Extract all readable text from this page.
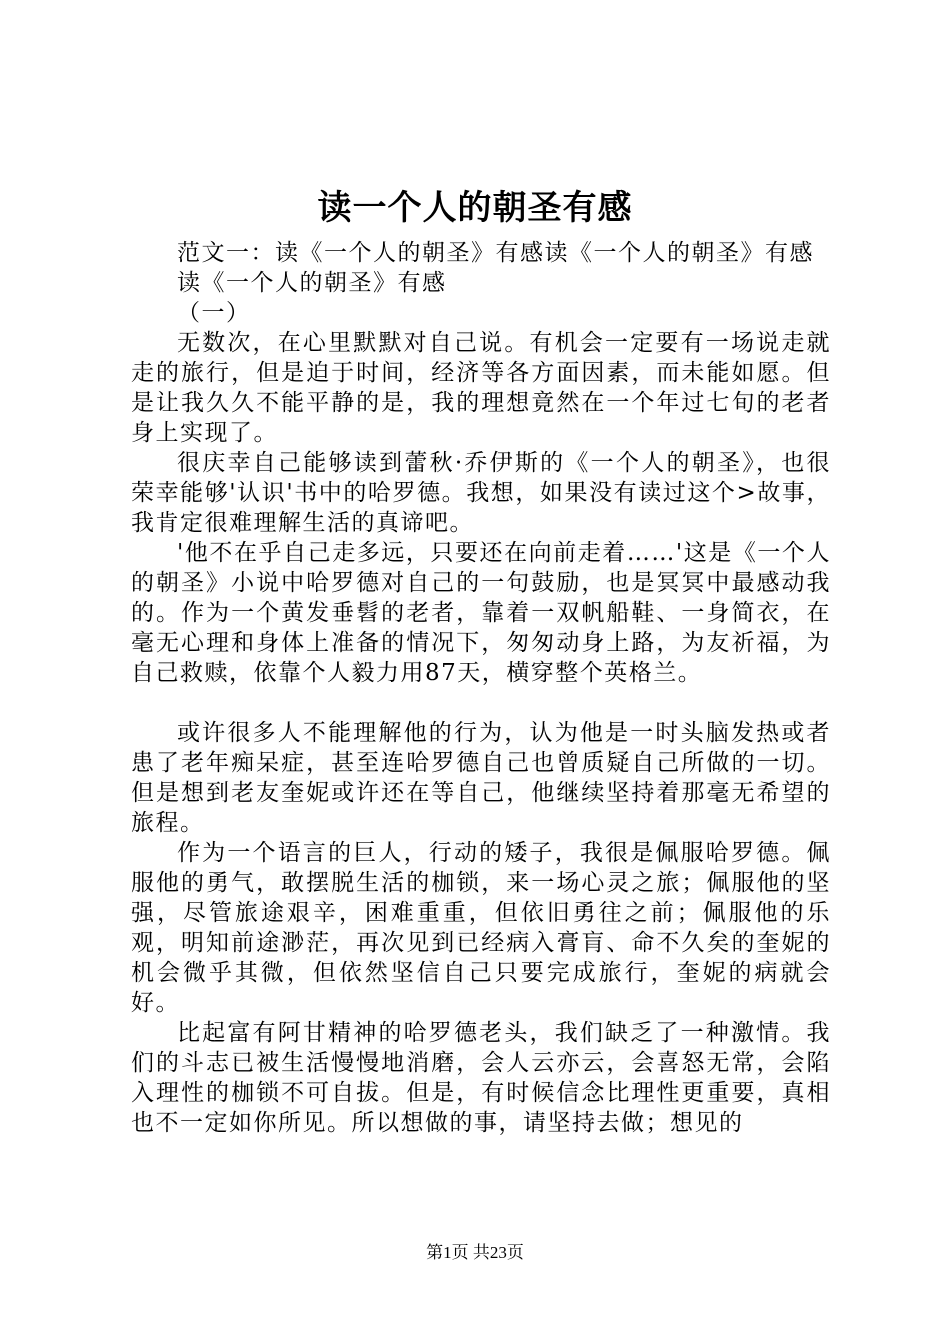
读一个人的朝圣有感

范文一：读《一个人的朝圣》有感读《一个人的朝圣》有感

读《一个人的朝圣》有感

（一）

无数次，在心里默默对自己说。有机会一定要有一场说走就走的旅行，但是迫于时间，经济等各方面因素，而未能如愿。但是让我久久不能平静的是，我的理想竟然在一个年过七旬的老者身上实现了。

很庆幸自己能够读到蕾秋·乔伊斯的《一个人的朝圣》，也很荣幸能够'认识'书中的哈罗德。我想，如果没有读过这个>故事，我肯定很难理解生活的真谛吧。

'他不在乎自己走多远，只要还在向前走着……'这是《一个人的朝圣》小说中哈罗德对自己的一句鼓励，也是冥冥中最感动我的。作为一个黄发垂髫的老者，靠着一双帆船鞋、一身简衣，在毫无心理和身体上准备的情况下，匆匆动身上路，为友祈福，为自己救赎，依靠个人毅力用87天，横穿整个英格兰。

或许很多人不能理解他的行为，认为他是一时头脑发热或者患了老年痴呆症，甚至连哈罗德自己也曾质疑自己所做的一切。但是想到老友奎妮或许还在等自己，他继续坚持着那毫无希望的旅程。

作为一个语言的巨人，行动的矮子，我很是佩服哈罗德。佩服他的勇气，敢摆脱生活的枷锁，来一场心灵之旅；佩服他的坚强，尽管旅途艰辛，困难重重，但依旧勇往之前；佩服他的乐观，明知前途渺茫，再次见到已经病入膏肓、命不久矣的奎妮的机会微乎其微，但依然坚信自己只要完成旅行，奎妮的病就会好。

比起富有阿甘精神的哈罗德老头，我们缺乏了一种激情。我们的斗志已被生活慢慢地消磨，会人云亦云，会喜怒无常，会陷入理性的枷锁不可自拔。但是，有时候信念比理性更重要，真相也不一定如你所见。所以想做的事，请坚持去做；想见的

第1页 共23页
